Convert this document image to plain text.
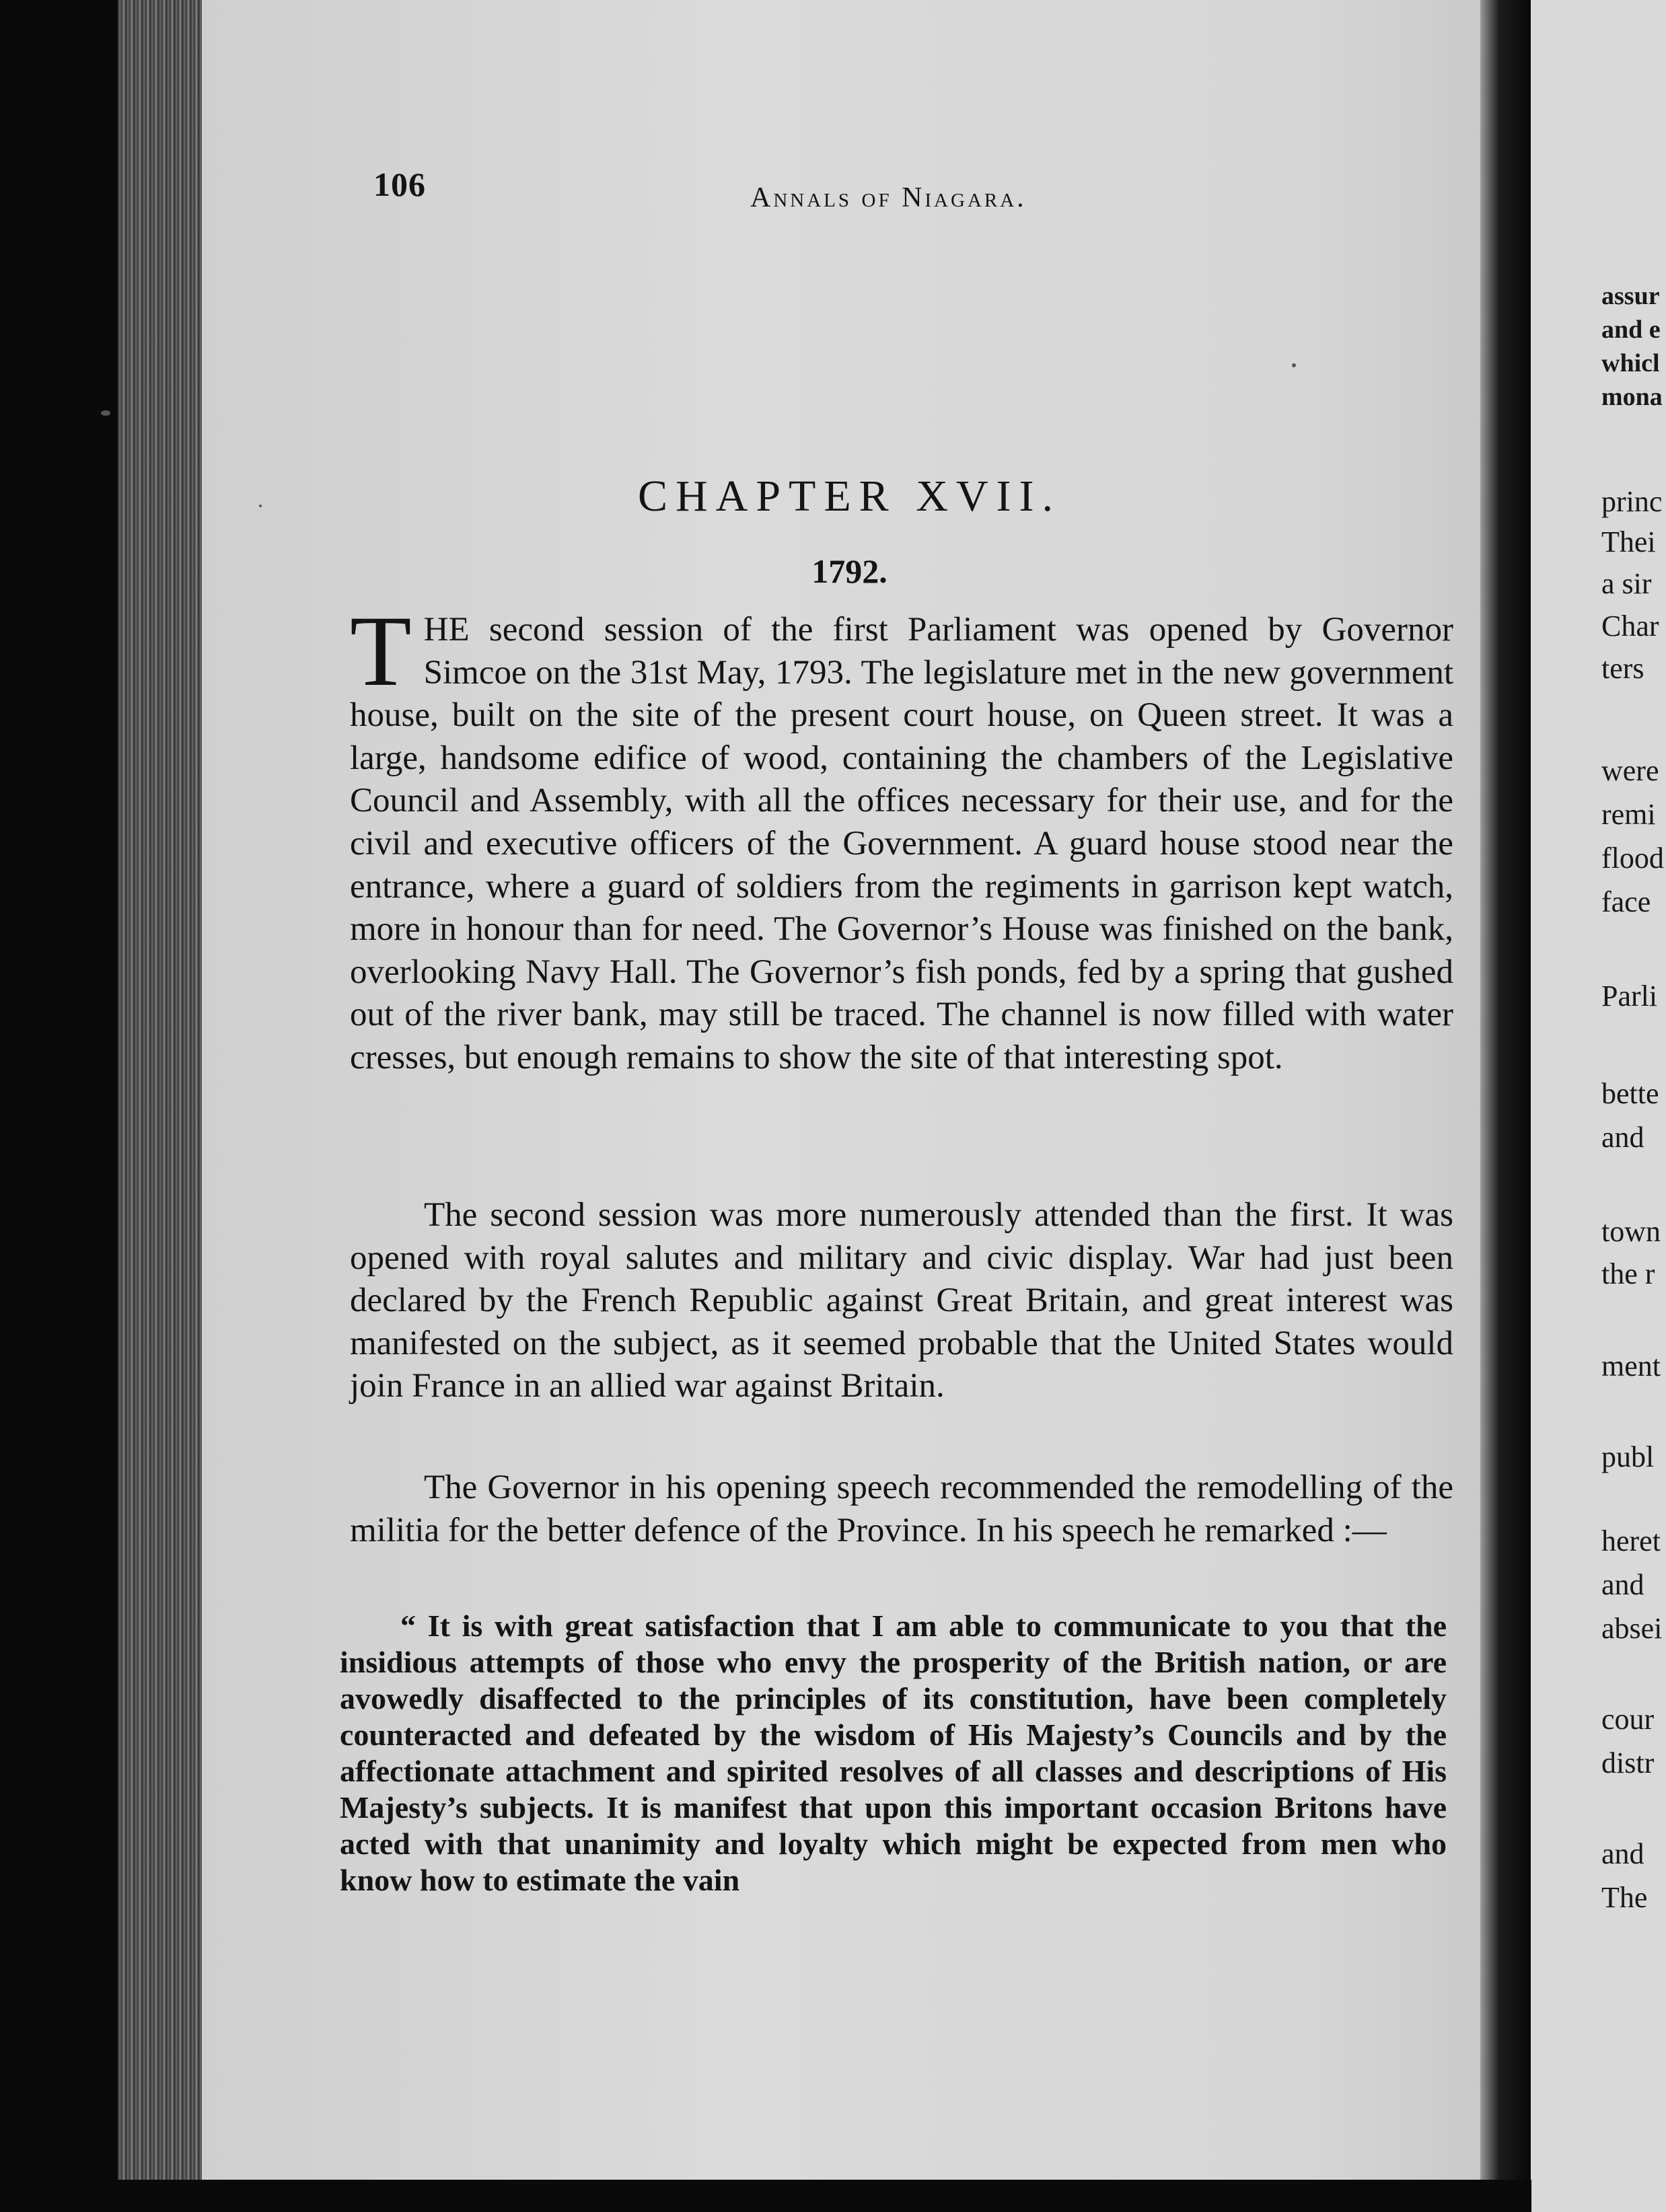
assur
and e
whicl
mona
princ
Thei
a sir
Char
ters
were
remi
flood
face
Parli
bette
and
town
the r
ment
publ
heret
and
absei
cour
distr
and
The
106	Annals of Niagara.
CHAPTER XVII.
1792.
THE second session of the first Parliament was opened by Governor Simcoe on the 31st May, 1793. The legislature met in the new government house, built on the site of the present court house, on Queen street. It was a large, handsome edifice of wood, containing the chambers of the Legislative Council and Assembly, with all the offices necessary for their use, and for the civil and executive officers of the Government. A guard house stood near the entrance, where a guard of soldiers from the regiments in garrison kept watch, more in honour than for need. The Governor’s House was finished on the bank, overlooking Navy Hall. The Governor’s fish ponds, fed by a spring that gushed out of the river bank, may still be traced. The channel is now filled with water cresses, but enough remains to show the site of that interesting spot.
The second session was more numerously attended than the first. It was opened with royal salutes and military and civic display. War had just been declared by the French Republic against Great Britain, and great interest was manifested on the subject, as it seemed probable that the United States would join France in an allied war against Britain.
The Governor in his opening speech recommended the remodelling of the militia for the better defence of the Province. In his speech he remarked :—
“ It is with great satisfaction that I am able to communicate to you that the insidious attempts of those who envy the prosperity of the British nation, or are avowedly disaffected to the principles of its constitution, have been completely counteracted and defeated by the wisdom of His Majesty’s Councils and by the affectionate attachment and spirited resolves of all classes and descriptions of His Majesty’s subjects. It is manifest that upon this important occasion Britons have acted with that unanimity and loyalty which might be expected from men who know how to estimate the vain
